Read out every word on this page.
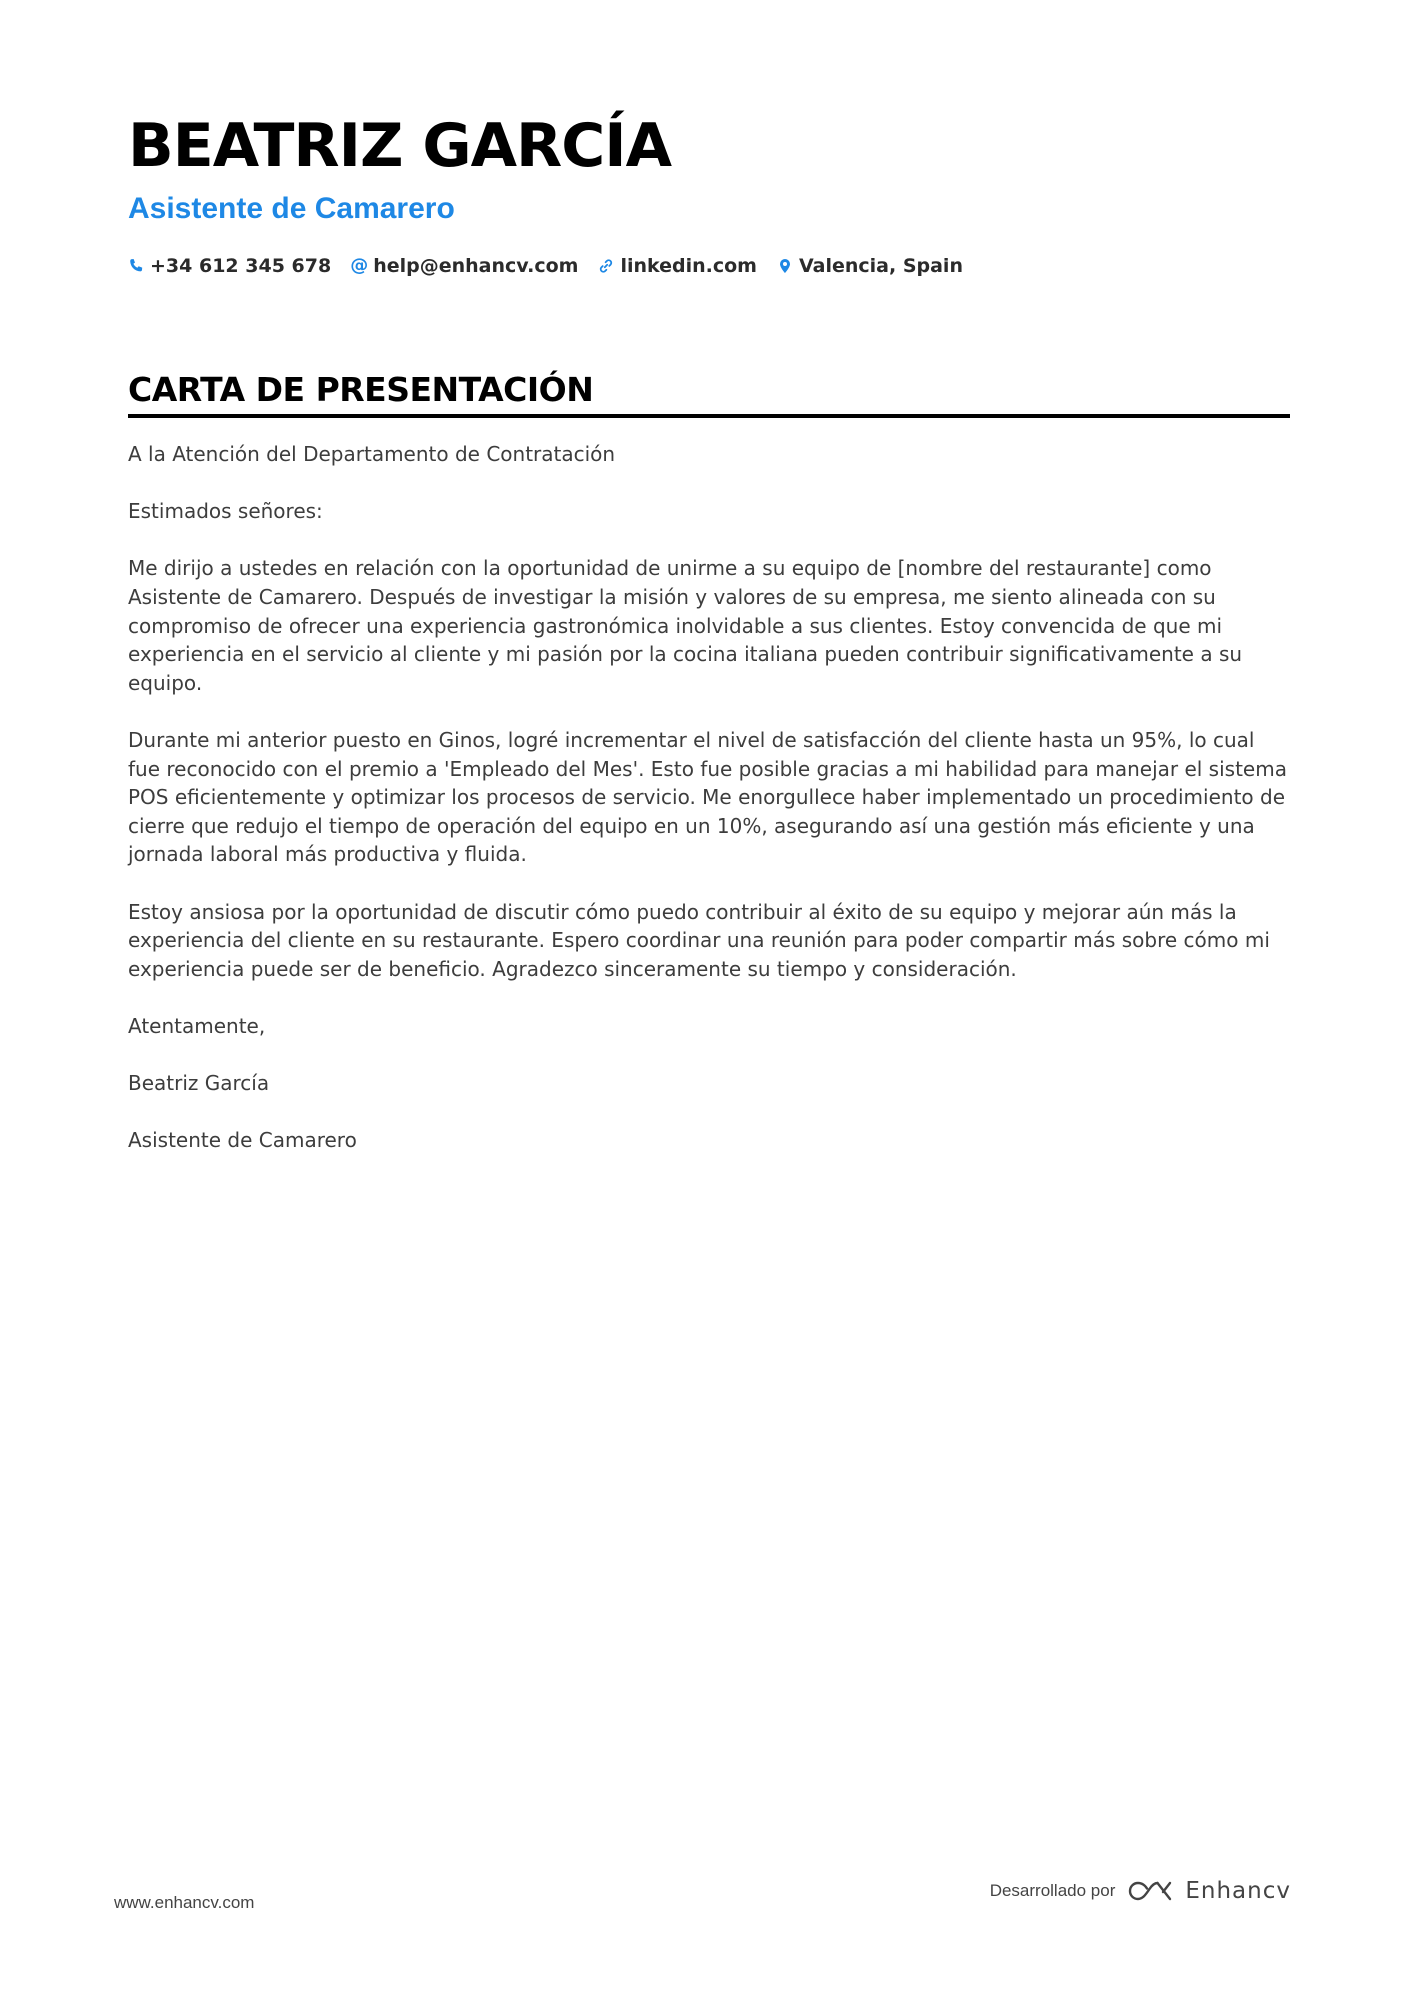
BEATRIZ GARCÍA
Asistente de Camarero
+34 612 345 678 @ help@enhancv.com linkedin.com Valencia, Spain
CARTA DE PRESENTACIÓN

A la Atención del Departamento de Contratación

Estimados señores:

Me dirijo a ustedes en relación con la oportunidad de unirme a su equipo de [nombre del restaurante] como Asistente de Camarero. Después de investigar la misión y valores de su empresa, me siento alineada con su compromiso de ofrecer una experiencia gastronómica inolvidable a sus clientes. Estoy convencida de que mi experiencia en el servicio al cliente y mi pasión por la cocina italiana pueden contribuir significativamente a su equipo.

Durante mi anterior puesto en Ginos, logré incrementar el nivel de satisfacción del cliente hasta un 95%, lo cual fue reconocido con el premio a 'Empleado del Mes'. Esto fue posible gracias a mi habilidad para manejar el sistema POS eficientemente y optimizar los procesos de servicio. Me enorgullece haber implementado un procedimiento de cierre que redujo el tiempo de operación del equipo en un 10%, asegurando así una gestión más eficiente y una jornada laboral más productiva y fluida.

Estoy ansiosa por la oportunidad de discutir cómo puedo contribuir al éxito de su equipo y mejorar aún más la experiencia del cliente en su restaurante. Espero coordinar una reunión para poder compartir más sobre cómo mi experiencia puede ser de beneficio. Agradezco sinceramente su tiempo y consideración.

Atentamente,

Beatriz García

Asistente de Camarero

www.enhancv.com
Desarrollado por	Enhancv
